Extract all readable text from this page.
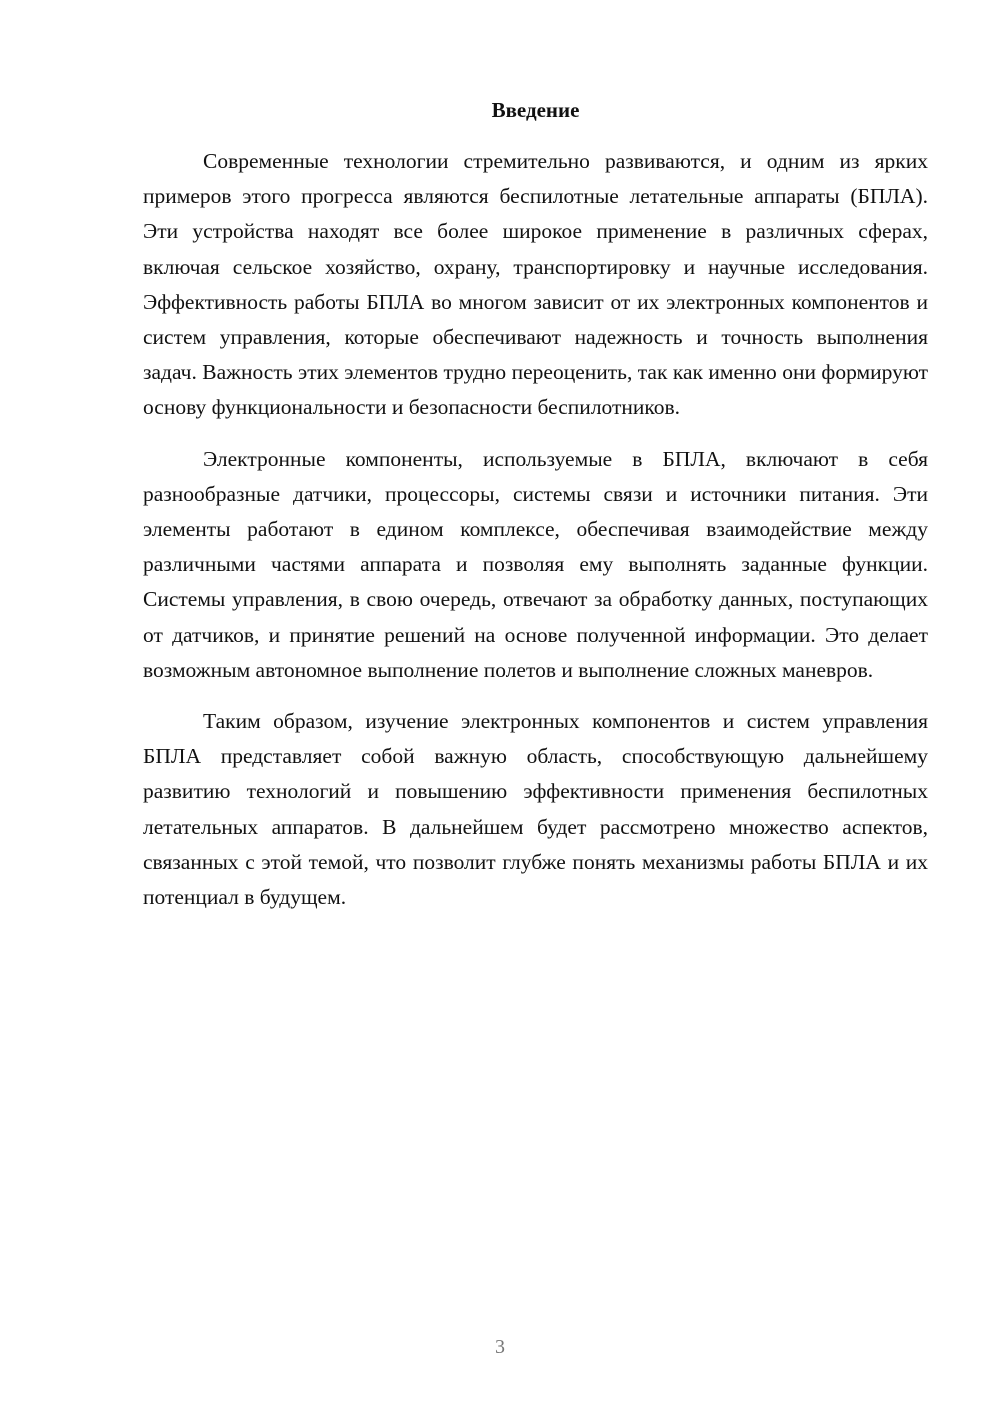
Введение

Современные технологии стремительно развиваются, и одним из ярких примеров этого прогресса являются беспилотные летательные аппараты (БПЛА). Эти устройства находят все более широкое применение в различных сферах, включая сельское хозяйство, охрану, транспортировку и научные исследования. Эффективность работы БПЛА во многом зависит от их электронных компонентов и систем управления, которые обеспечивают надежность и точность выполнения задач. Важность этих элементов трудно переоценить, так как именно они формируют основу функциональности и безопасности беспилотников.

Электронные компоненты, используемые в БПЛА, включают в себя разнообразные датчики, процессоры, системы связи и источники питания. Эти элементы работают в едином комплексе, обеспечивая взаимодействие между различными частями аппарата и позволяя ему выполнять заданные функции. Системы управления, в свою очередь, отвечают за обработку данных, поступающих от датчиков, и принятие решений на основе полученной информации. Это делает возможным автономное выполнение полетов и выполнение сложных маневров.

Таким образом, изучение электронных компонентов и систем управления БПЛА представляет собой важную область, способствующую дальнейшему развитию технологий и повышению эффективности применения беспилотных летательных аппаратов. В дальнейшем будет рассмотрено множество аспектов, связанных с этой темой, что позволит глубже понять механизмы работы БПЛА и их потенциал в будущем.

3
